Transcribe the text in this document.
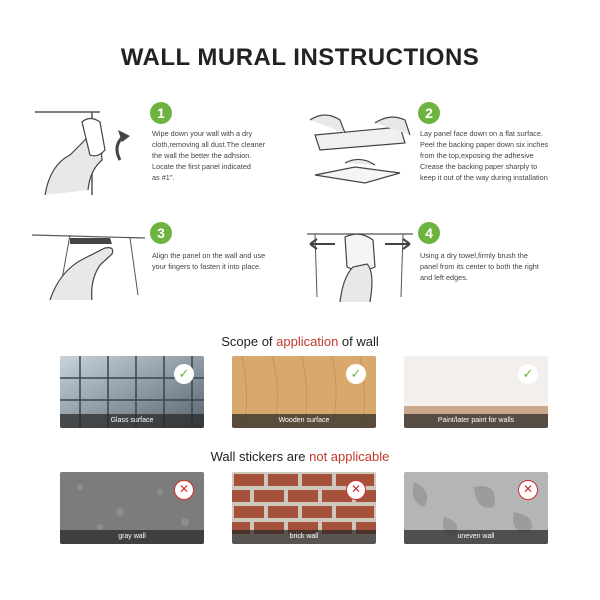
WALL MURAL INSTRUCTIONS
1
Wipe down your wall with a dry
cloth,removing all dust.The cleaner
the wall the better the adhsion.
Locate the first panel indicated
as #1".
2
Lay panel face down on a flat surface.
Peel the backing paper down six inches
from the top,exposing the adhesive
Crease the backing paper sharply to
keep it out of the way during installation
3
Align the panel on the wall and use
your fingers to fasten it into place.
4
Using a dry towel,firmly brush the
panel from its center to both the right
and left edges.
Scope of application of wall
✓
Glass surface
✓
Wooden surface
✓
Paint/later paint for walls
Wall stickers are not applicable
✕
gray wall
✕
brick wall
✕
uneven wall
